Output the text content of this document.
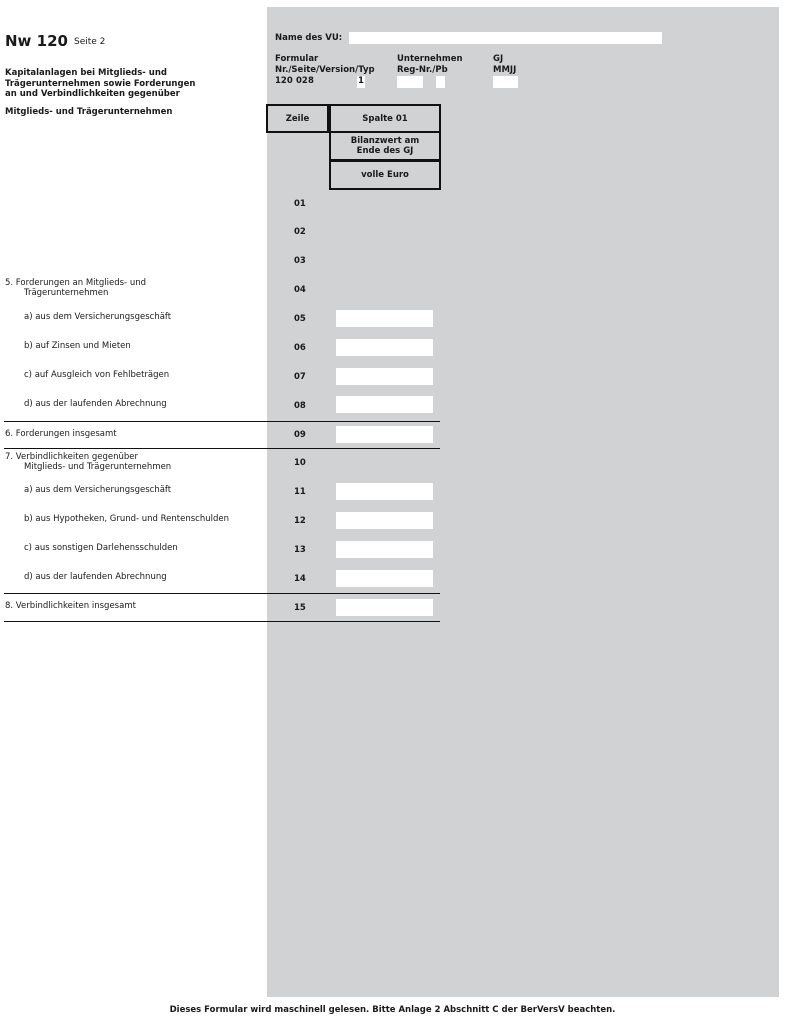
Nw 120 Seite 2
Kapitalanlagen bei Mitglieds- und
Trägerunternehmen sowie Forderungen
an und Verbindlichkeiten gegenüber
Mitglieds- und Trägerunternehmen
Name des VU:
Formular
Nr./Seite/Version/Typ
120 02 8	1
Unternehmen
Reg-Nr./Pb
GJ
MMJJ
Zeile	Spalte 01
Bilanzwert am
Ende des GJ
volle Euro
01
02
03
5. Forderungen an Mitglieds- und
Trägerunternehmen	04
a) aus dem Versicherungsgeschäft	05
b) auf Zinsen und Mieten	06
c) auf Ausgleich von Fehlbeträgen	07
d) aus der laufenden Abrechnung	08
6. Forderungen insgesamt	09
7. Verbindlichkeiten gegenüber
Mitglieds- und Trägerunternehmen	10
a) aus dem Versicherungsgeschäft	11
b) aus Hypotheken, Grund- und Rentenschulden	12
c) aus sonstigen Darlehensschulden	13
d) aus der laufenden Abrechnung	14
8. Verbindlichkeiten insgesamt	15
Dieses Formular wird maschinell gelesen. Bitte Anlage 2 Abschnitt C der BerVersV beachten.
